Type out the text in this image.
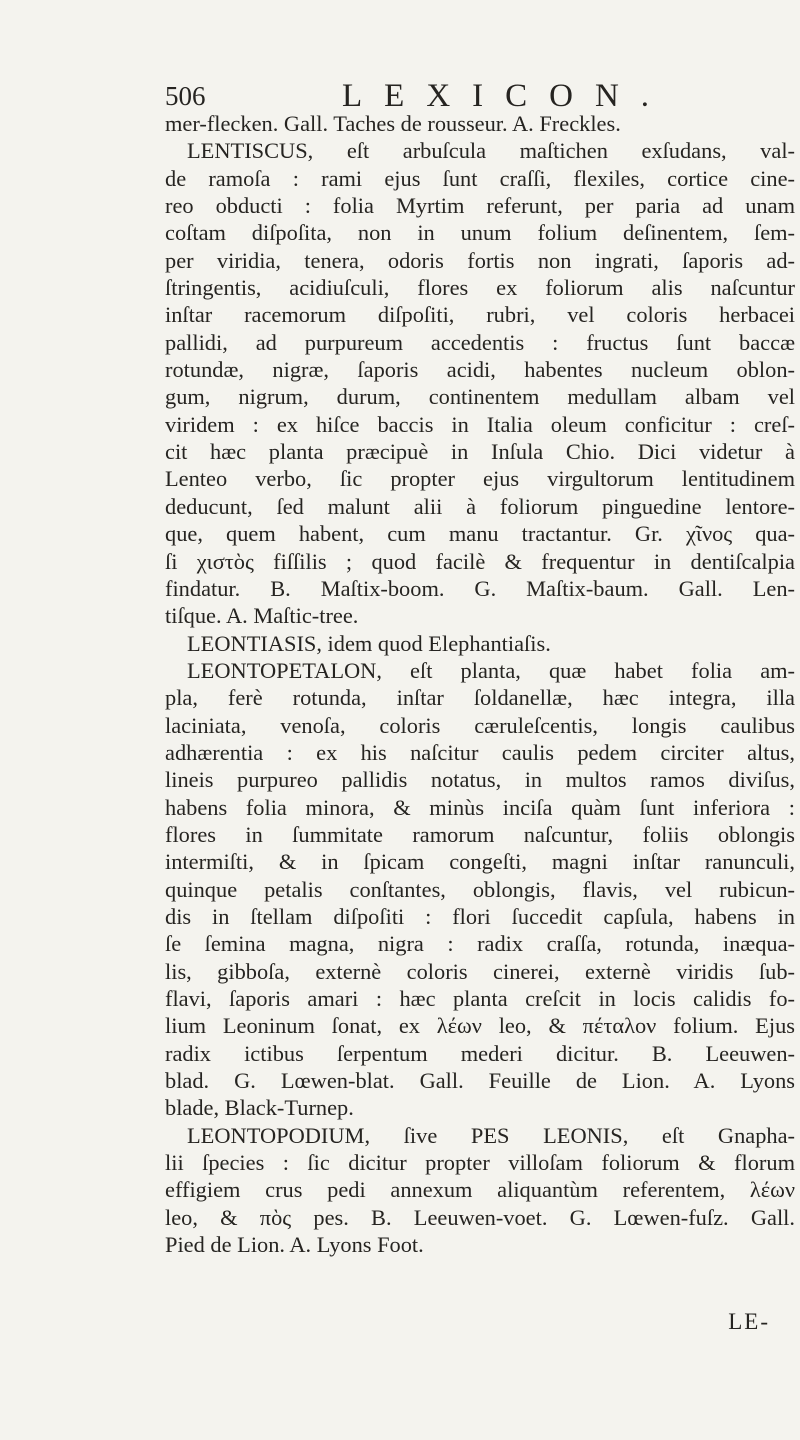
506	LEXICON.
mer-flecken. Gall. Taches de rousseur. A. Freckles.
LENTISCUS, eſt arbuſcula maſtichen exſudans, val-
de ramoſa : rami ejus ſunt craſſi, flexiles, cortice cine-
reo obducti : folia Myrtim referunt, per paria ad unam
coſtam diſpoſita, non in unum folium deſinentem, ſem-
per viridia, tenera, odoris fortis non ingrati, ſaporis ad-
ſtringentis, acidiuſculi, flores ex foliorum alis naſcuntur
inſtar racemorum diſpoſiti, rubri, vel coloris herbacei
pallidi, ad purpureum accedentis : fructus ſunt baccæ
rotundæ, nigræ, ſaporis acidi, habentes nucleum oblon-
gum, nigrum, durum, continentem medullam albam vel
viridem : ex hiſce baccis in Italia oleum conficitur : creſ-
cit hæc planta præcipuè in Inſula Chio. Dici videtur à
Lenteo verbo, ſic propter ejus virgultorum lentitudinem
deducunt, ſed malunt alii à foliorum pinguedine lentore-
que, quem habent, cum manu tractantur. Gr. χῖνος qua-
ſi χιστὸς fiſſilis ; quod facilè & frequentur in dentiſcalpia
findatur. B. Maſtix-boom. G. Maſtix-baum. Gall. Len-
tiſque. A. Maſtic-tree.
LEONTIASIS, idem quod Elephantiaſis.
LEONTOPETALON, eſt planta, quæ habet folia am-
pla, ferè rotunda, inſtar ſoldanellæ, hæc integra, illa
laciniata, venoſa, coloris cæruleſcentis, longis caulibus
adhærentia : ex his naſcitur caulis pedem circiter altus,
lineis purpureo pallidis notatus, in multos ramos diviſus,
habens folia minora, & minùs inciſa quàm ſunt inferiora :
flores in ſummitate ramorum naſcuntur, foliis oblongis
intermiſti, & in ſpicam congeſti, magni inſtar ranunculi,
quinque petalis conſtantes, oblongis, flavis, vel rubicun-
dis in ſtellam diſpoſiti : flori ſuccedit capſula, habens in
ſe ſemina magna, nigra : radix craſſa, rotunda, inæqua-
lis, gibboſa, externè coloris cinerei, externè viridis ſub-
flavi, ſaporis amari : hæc planta creſcit in locis calidis fo-
lium Leoninum ſonat, ex λέων leo, & πέταλον folium. Ejus
radix ictibus ſerpentum mederi dicitur. B. Leeuwen-
blad. G. Lœwen-blat. Gall. Feuille de Lion. A. Lyons
blade, Black-Turnep.
LEONTOPODIUM, ſive PES LEONIS, eſt Gnapha-
lii ſpecies : ſic dicitur propter villoſam foliorum & florum
effigiem crus pedi annexum aliquantùm referentem, λέων
leo, & πὸς pes. B. Leeuwen-voet. G. Lœwen-fuſz. Gall.
Pied de Lion. A. Lyons Foot.
LE-
